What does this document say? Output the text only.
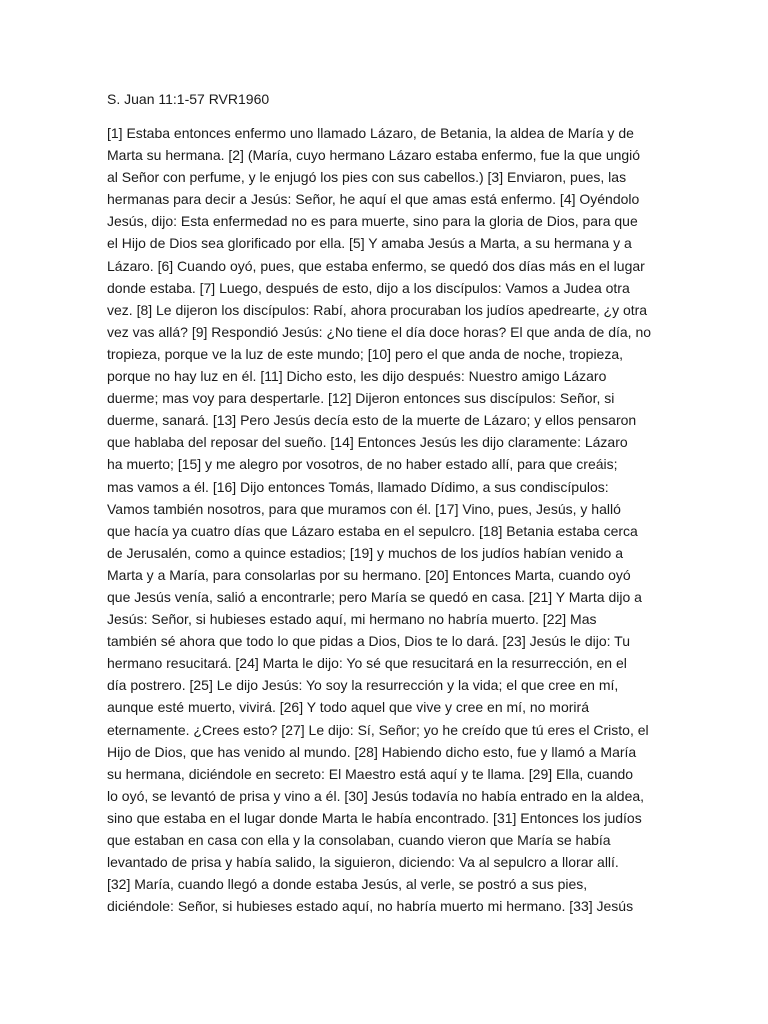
S. Juan 11:1-57 RVR1960
[1] Estaba entonces enfermo uno llamado Lázaro, de Betania, la aldea de María y de
Marta su hermana. [2] (María, cuyo hermano Lázaro estaba enfermo, fue la que ungió
al Señor con perfume, y le enjugó los pies con sus cabellos.) [3] Enviaron, pues, las
hermanas para decir a Jesús: Señor, he aquí el que amas está enfermo. [4] Oyéndolo
Jesús, dijo: Esta enfermedad no es para muerte, sino para la gloria de Dios, para que
el Hijo de Dios sea glorificado por ella. [5] Y amaba Jesús a Marta, a su hermana y a
Lázaro. [6] Cuando oyó, pues, que estaba enfermo, se quedó dos días más en el lugar
donde estaba. [7] Luego, después de esto, dijo a los discípulos: Vamos a Judea otra
vez. [8] Le dijeron los discípulos: Rabí, ahora procuraban los judíos apedrearte, ¿y otra
vez vas allá? [9] Respondió Jesús: ¿No tiene el día doce horas? El que anda de día, no
tropieza, porque ve la luz de este mundo; [10] pero el que anda de noche, tropieza,
porque no hay luz en él. [11] Dicho esto, les dijo después: Nuestro amigo Lázaro
duerme; mas voy para despertarle. [12] Dijeron entonces sus discípulos: Señor, si
duerme, sanará. [13] Pero Jesús decía esto de la muerte de Lázaro; y ellos pensaron
que hablaba del reposar del sueño. [14] Entonces Jesús les dijo claramente: Lázaro
ha muerto; [15] y me alegro por vosotros, de no haber estado allí, para que creáis;
mas vamos a él. [16] Dijo entonces Tomás, llamado Dídimo, a sus condiscípulos:
Vamos también nosotros, para que muramos con él. [17] Vino, pues, Jesús, y halló
que hacía ya cuatro días que Lázaro estaba en el sepulcro. [18] Betania estaba cerca
de Jerusalén, como a quince estadios; [19] y muchos de los judíos habían venido a
Marta y a María, para consolarlas por su hermano. [20] Entonces Marta, cuando oyó
que Jesús venía, salió a encontrarle; pero María se quedó en casa. [21] Y Marta dijo a
Jesús: Señor, si hubieses estado aquí, mi hermano no habría muerto. [22] Mas
también sé ahora que todo lo que pidas a Dios, Dios te lo dará. [23] Jesús le dijo: Tu
hermano resucitará. [24] Marta le dijo: Yo sé que resucitará en la resurrección, en el
día postrero. [25] Le dijo Jesús: Yo soy la resurrección y la vida; el que cree en mí,
aunque esté muerto, vivirá. [26] Y todo aquel que vive y cree en mí, no morirá
eternamente. ¿Crees esto? [27] Le dijo: Sí, Señor; yo he creído que tú eres el Cristo, el
Hijo de Dios, que has venido al mundo. [28] Habiendo dicho esto, fue y llamó a María
su hermana, diciéndole en secreto: El Maestro está aquí y te llama. [29] Ella, cuando
lo oyó, se levantó de prisa y vino a él. [30] Jesús todavía no había entrado en la aldea,
sino que estaba en el lugar donde Marta le había encontrado. [31] Entonces los judíos
que estaban en casa con ella y la consolaban, cuando vieron que María se había
levantado de prisa y había salido, la siguieron, diciendo: Va al sepulcro a llorar allí.
[32] María, cuando llegó a donde estaba Jesús, al verle, se postró a sus pies,
diciéndole: Señor, si hubieses estado aquí, no habría muerto mi hermano. [33] Jesús
